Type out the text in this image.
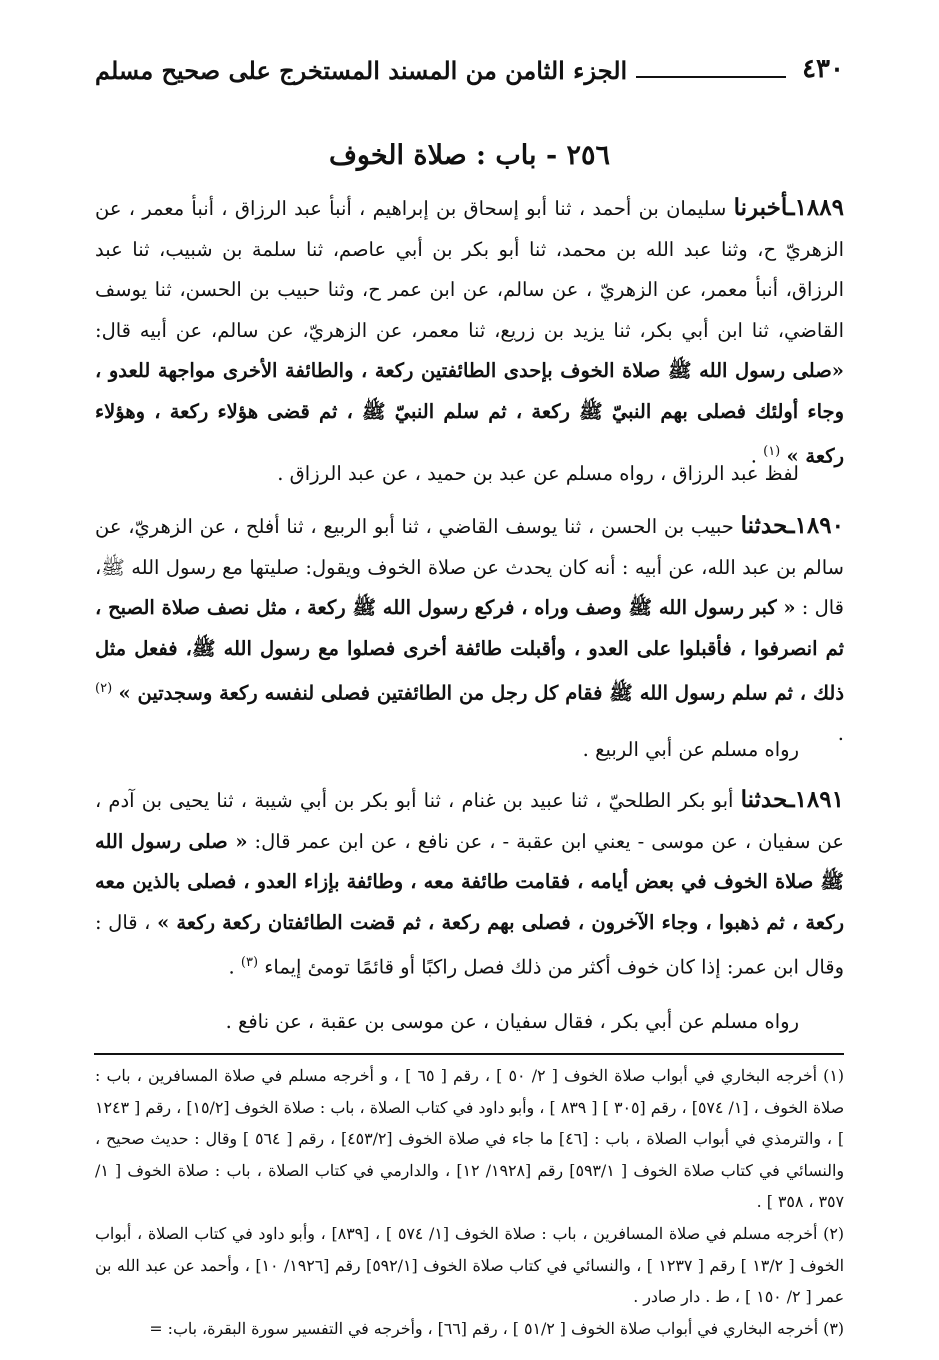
٤٣٠
الجزء الثامن من المسند المستخرج على صحيح مسلم
٢٥٦ - باب : صلاة الخوف
١٨٨٩ـأخبرنا سليمان بن أحمد ، ثنا أبو إسحاق بن إبراهيم ، أنبأ عبد الرزاق ، أنبأ معمر ، عن الزهريّ ح، وثنا عبد الله بن محمد، ثنا أبو بكر بن أبي عاصم، ثنا سلمة بن شبيب، ثنا عبد الرزاق، أنبأ معمر، عن الزهريّ ، عن سالم، عن ابن عمر ح، وثنا حبيب بن الحسن، ثنا يوسف القاضي، ثنا ابن أبي بكر، ثنا يزيد بن زريع، ثنا معمر، عن الزهريّ، عن سالم، عن أبيه قال: «صلى رسول الله ﷺ صلاة الخوف بإحدى الطائفتين ركعة ، والطائفة الأخرى مواجهة للعدو ، وجاء أولئك فصلى بهم النبيّ ﷺ ركعة ، ثم سلم النبيّ ﷺ ، ثم قضى هؤلاء ركعة ، وهؤلاء ركعة » $^{(١)}$ .
لفظ عبد الرزاق ، رواه مسلم عن عبد بن حميد ، عن عبد الرزاق .
١٨٩٠ـحدثنا حبيب بن الحسن ، ثنا يوسف القاضي ، ثنا أبو الربيع ، ثنا أفلح ، عن الزهريّ، عن سالم بن عبد الله، عن أبيه : أنه كان يحدث عن صلاة الخوف ويقول: صليتها مع رسول الله ﷺ، قال : « كبر رسول الله ﷺ وصف وراه ، فركع رسول الله ﷺ ركعة ، مثل نصف صلاة الصبح ، ثم انصرفوا ، فأقبلوا على العدو ، وأقبلت طائفة أخرى فصلوا مع رسول الله ﷺ، ففعل مثل ذلك ، ثم سلم رسول الله ﷺ فقام كل رجل من الطائفتين فصلى لنفسه ركعة وسجدتين » $^{(٢)}$ .
رواه مسلم عن أبي الربيع .
١٨٩١ـحدثنا أبو بكر الطلحيّ ، ثنا عبيد بن غنام ، ثنا أبو بكر بن أبي شيبة ، ثنا يحيى بن آدم ، عن سفيان ، عن موسى - يعني ابن عقبة - ، عن نافع ، عن ابن عمر قال: « صلى رسول الله ﷺ صلاة الخوف في بعض أيامه ، فقامت طائفة معه ، وطائفة بإزاء العدو ، فصلى بالذين معه ركعة ، ثم ذهبوا ، وجاء الآخرون ، فصلى بهم ركعة ، ثم قضت الطائفتان ركعة ركعة » ، قال : وقال ابن عمر: إذا كان خوف أكثر من ذلك فصل راكبًا أو قائمًا تومئ إيماء $^{(٣)}$ .
رواه مسلم عن أبي بكر ، فقال سفيان ، عن موسى بن عقبة ، عن نافع .
(١) أخرجه البخاري في أبواب صلاة الخوف [ ٢/ ٥٠ ] ، رقم [ ٦٥ ] ، و أخرجه مسلم في صلاة المسافرين ، باب : صلاة الخوف ، [١/ ٥٧٤] ، رقم [٣٠٥ ] [ ٨٣٩ ] ، وأبو داود في كتاب الصلاة ، باب : صلاة الخوف [١٥/٢] ، رقم [ ١٢٤٣ ] ، والترمذي في أبواب الصلاة ، باب : [٤٦] ما جاء في صلاة الخوف [٤٥٣/٢] ، رقم [ ٥٦٤ ] وقال : حديث صحيح ، والنسائي في كتاب صلاة الخوف [ ٥٩٣/١] رقم [١٩٢٨/ ١٢] ، والدارمي في كتاب الصلاة ، باب : صلاة الخوف [ ١/ ٣٥٧ ، ٣٥٨ ] .
(٢) أخرجه مسلم في صلاة المسافرين ، باب : صلاة الخوف [١/ ٥٧٤ ] ، [٨٣٩] ، وأبو داود في كتاب الصلاة ، أبواب الخوف [ ١٣/٢ ] رقم [ ١٢٣٧ ] ، والنسائي في كتاب صلاة الخوف [٥٩٢/١] رقم [١٩٢٦/ ١٠] ، وأحمد عن عبد الله بن عمر [ ٢/ ١٥٠ ] ، ط . دار صادر .
(٣) أخرجه البخاري في أبواب صلاة الخوف [ ٥١/٢ ] ، رقم [٦٦] ، وأخرجه في التفسير سورة البقرة، باب: =
